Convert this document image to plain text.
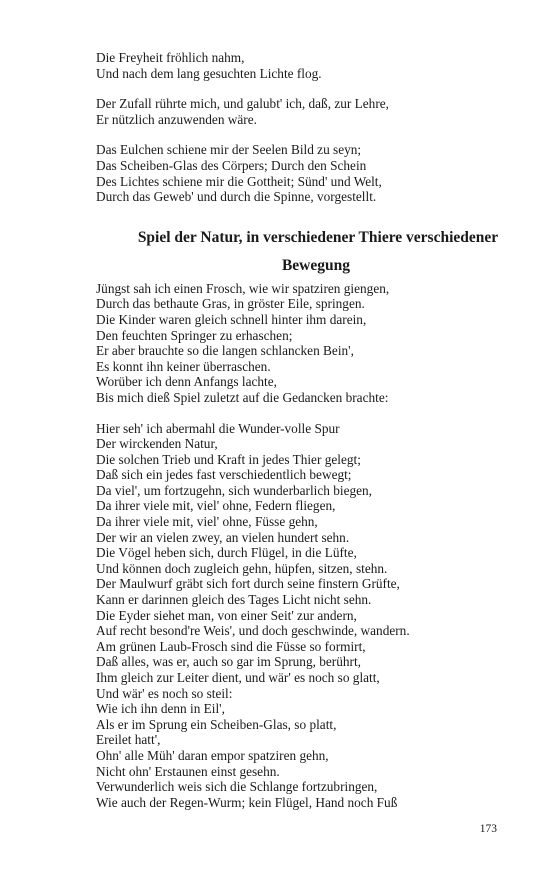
Die Freyheit fröhlich nahm,
Und nach dem lang gesuchten Lichte flog.
Der Zufall rührte mich, und galubt' ich, daß, zur Lehre,
Er nützlich anzuwenden wäre.
Das Eulchen schiene mir der Seelen Bild zu seyn;
Das Scheiben-Glas des Cörpers; Durch den Schein
Des Lichtes schiene mir die Gottheit; Sünd' und Welt,
Durch das Geweb' und durch die Spinne, vorgestellt.
Spiel der Natur, in verschiedener Thiere verschiedener
Bewegung
Jüngst sah ich einen Frosch, wie wir spatziren giengen,
Durch das bethaute Gras, in gröster Eile, springen.
Die Kinder waren gleich schnell hinter ihm darein,
Den feuchten Springer zu erhaschen;
Er aber brauchte so die langen schlancken Bein',
Es konnt ihn keiner überraschen.
Worüber ich denn Anfangs lachte,
Bis mich dieß Spiel zuletzt auf die Gedancken brachte:
Hier seh' ich abermahl die Wunder-volle Spur
Der wirckenden Natur,
Die solchen Trieb und Kraft in jedes Thier gelegt;
Daß sich ein jedes fast verschiedentlich bewegt;
Da viel', um fortzugehn, sich wunderbarlich biegen,
Da ihrer viele mit, viel' ohne, Federn fliegen,
Da ihrer viele mit, viel' ohne, Füsse gehn,
Der wir an vielen zwey, an vielen hundert sehn.
Die Vögel heben sich, durch Flügel, in die Lüfte,
Und können doch zugleich gehn, hüpfen, sitzen, stehn.
Der Maulwurf gräbt sich fort durch seine finstern Grüfte,
Kann er darinnen gleich des Tages Licht nicht sehn.
Die Eyder siehet man, von einer Seit' zur andern,
Auf recht besond're Weis', und doch geschwinde, wandern.
Am grünen Laub-Frosch sind die Füsse so formirt,
Daß alles, was er, auch so gar im Sprung, berührt,
Ihm gleich zur Leiter dient, und wär' es noch so glatt,
Und wär' es noch so steil:
Wie ich ihn denn in Eil',
Als er im Sprung ein Scheiben-Glas, so platt,
Ereilet hatt',
Ohn' alle Müh' daran empor spatziren gehn,
Nicht ohn' Erstaunen einst gesehn.
Verwunderlich weis sich die Schlange fortzubringen,
Wie auch der Regen-Wurm; kein Flügel, Hand noch Fuß
173
